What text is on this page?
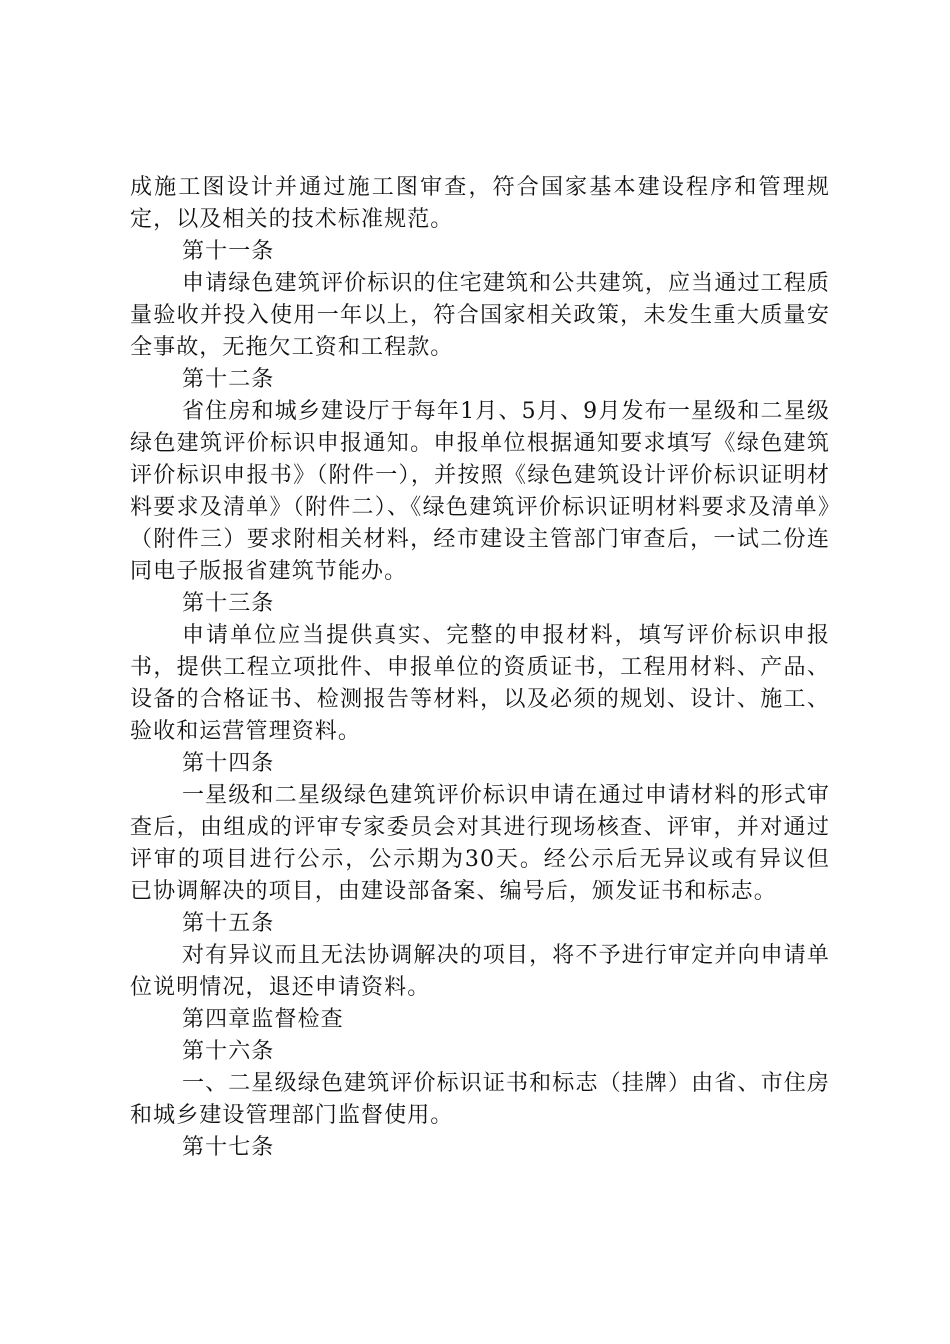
成施工图设计并通过施工图审查，符合国家基本建设程序和管理规定，以及相关的技术标准规范。

第十一条

申请绿色建筑评价标识的住宅建筑和公共建筑，应当通过工程质量验收并投入使用一年以上，符合国家相关政策，未发生重大质量安全事故，无拖欠工资和工程款。

第十二条

省住房和城乡建设厅于每年1月、5月、9月发布一星级和二星级绿色建筑评价标识申报通知。申报单位根据通知要求填写《绿色建筑评价标识申报书》（附件一），并按照《绿色建筑设计评价标识证明材料要求及清单》（附件二）、《绿色建筑评价标识证明材料要求及清单》（附件三）要求附相关材料，经市建设主管部门审查后，一试二份连同电子版报省建筑节能办。

第十三条

申请单位应当提供真实、完整的申报材料，填写评价标识申报书，提供工程立项批件、申报单位的资质证书，工程用材料、产品、设备的合格证书、检测报告等材料，以及必须的规划、设计、施工、验收和运营管理资料。

第十四条

一星级和二星级绿色建筑评价标识申请在通过申请材料的形式审查后，由组成的评审专家委员会对其进行现场核查、评审，并对通过评审的项目进行公示，公示期为30天。经公示后无异议或有异议但已协调解决的项目，由建设部备案、编号后，颁发证书和标志。

第十五条

对有异议而且无法协调解决的项目，将不予进行审定并向申请单位说明情况，退还申请资料。

第四章监督检查

第十六条

一、二星级绿色建筑评价标识证书和标志（挂牌）由省、市住房和城乡建设管理部门监督使用。

第十七条
